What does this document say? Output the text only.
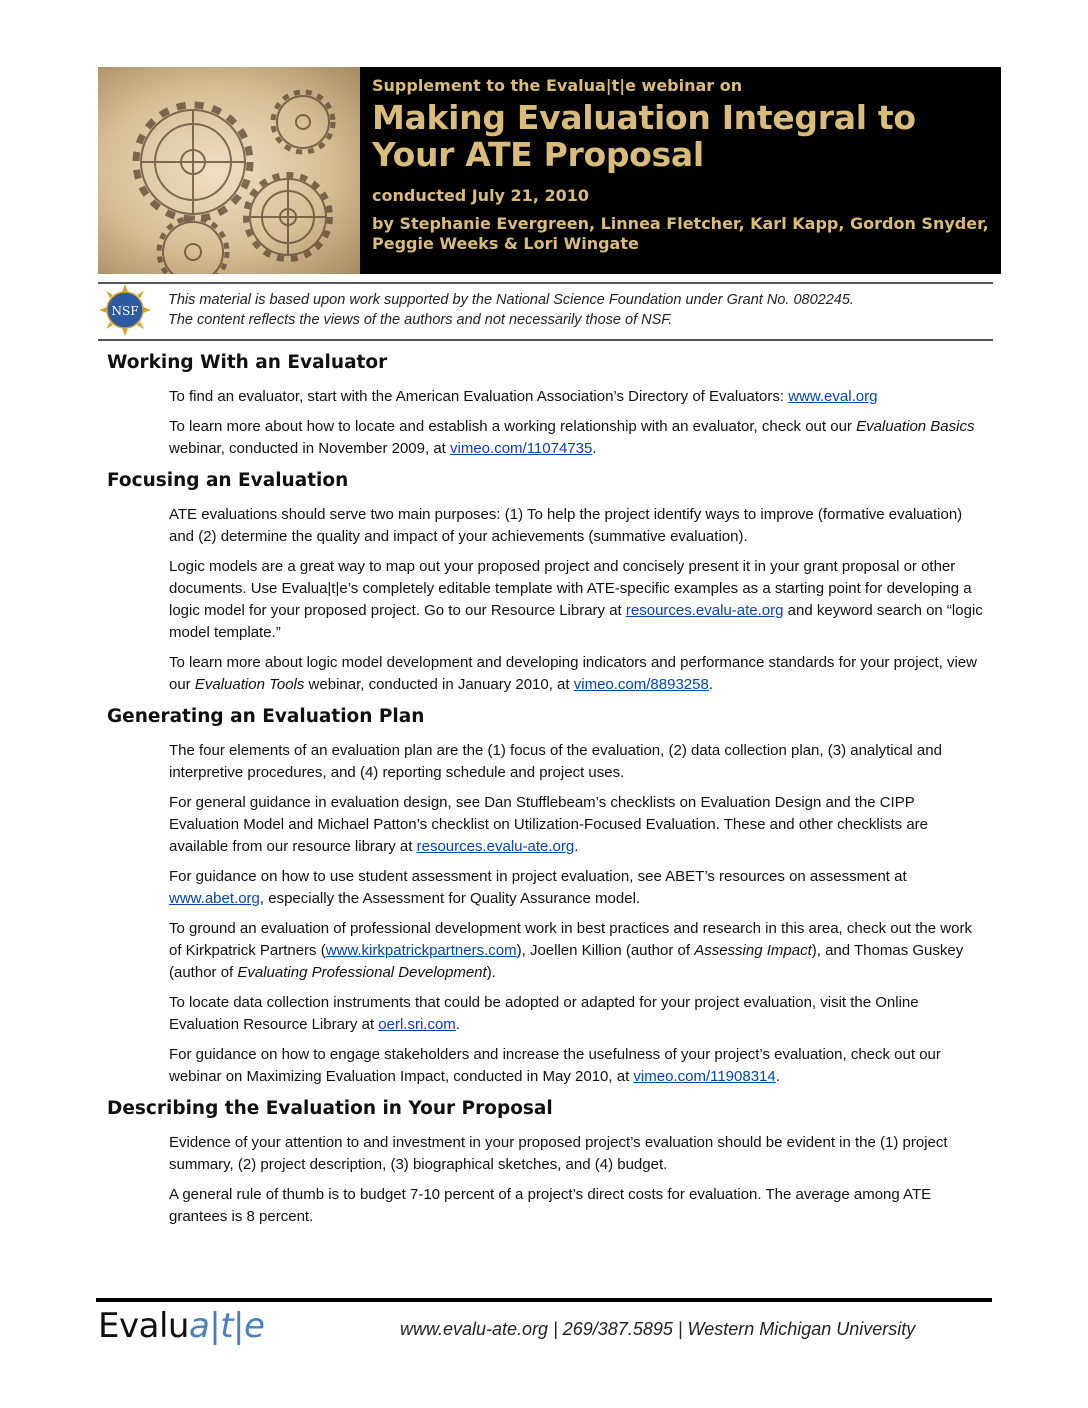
Supplement to the Evalua|t|e webinar on

Making Evaluation Integral to Your ATE Proposal

conducted July 21, 2010

by Stephanie Evergreen, Linnea Fletcher, Karl Kapp, Gordon Snyder, Peggie Weeks & Lori Wingate

NSF
This material is based upon work supported by the National Science Foundation under Grant No. 0802245.
The content reflects the views of the authors and not necessarily those of NSF.
Working With an Evaluator

To find an evaluator, start with the American Evaluation Association’s Directory of Evaluators: www.eval.org

To learn more about how to locate and establish a working relationship with an evaluator, check out our Evaluation Basics webinar, conducted in November 2009, at vimeo.com/11074735.

Focusing an Evaluation

ATE evaluations should serve two main purposes: (1) To help the project identify ways to improve (formative evaluation) and (2) determine the quality and impact of your achievements (summative evaluation).

Logic models are a great way to map out your proposed project and concisely present it in your grant proposal or other documents. Use Evalua|t|e’s completely editable template with ATE-specific examples as a starting point for developing a logic model for your proposed project. Go to our Resource Library at resources.evalu-ate.org and keyword search on “logic model template.”

To learn more about logic model development and developing indicators and performance standards for your project, view our Evaluation Tools webinar, conducted in January 2010, at vimeo.com/8893258.

Generating an Evaluation Plan

The four elements of an evaluation plan are the (1) focus of the evaluation, (2) data collection plan, (3) analytical and interpretive procedures, and (4) reporting schedule and project uses.

For general guidance in evaluation design, see Dan Stufflebeam’s checklists on Evaluation Design and the CIPP Evaluation Model and Michael Patton’s checklist on Utilization-Focused Evaluation. These and other checklists are available from our resource library at resources.evalu-ate.org.

For guidance on how to use student assessment in project evaluation, see ABET’s resources on assessment at www.abet.org, especially the Assessment for Quality Assurance model.

To ground an evaluation of professional development work in best practices and research in this area, check out the work of Kirkpatrick Partners (www.kirkpatrickpartners.com), Joellen Killion (author of Assessing Impact), and Thomas Guskey (author of Evaluating Professional Development).

To locate data collection instruments that could be adopted or adapted for your project evaluation, visit the Online Evaluation Resource Library at oerl.sri.com.

For guidance on how to engage stakeholders and increase the usefulness of your project’s evaluation, check out our webinar on Maximizing Evaluation Impact, conducted in May 2010, at vimeo.com/11908314.

Describing the Evaluation in Your Proposal

Evidence of your attention to and investment in your proposed project’s evaluation should be evident in the (1) project summary, (2) project description, (3) biographical sketches, and (4) budget.

A general rule of thumb is to budget 7-10 percent of a project’s direct costs for evaluation. The average among ATE grantees is 8 percent.

Evalua|t|e	www.evalu-ate.org | 269/387.5895 | Western Michigan University
